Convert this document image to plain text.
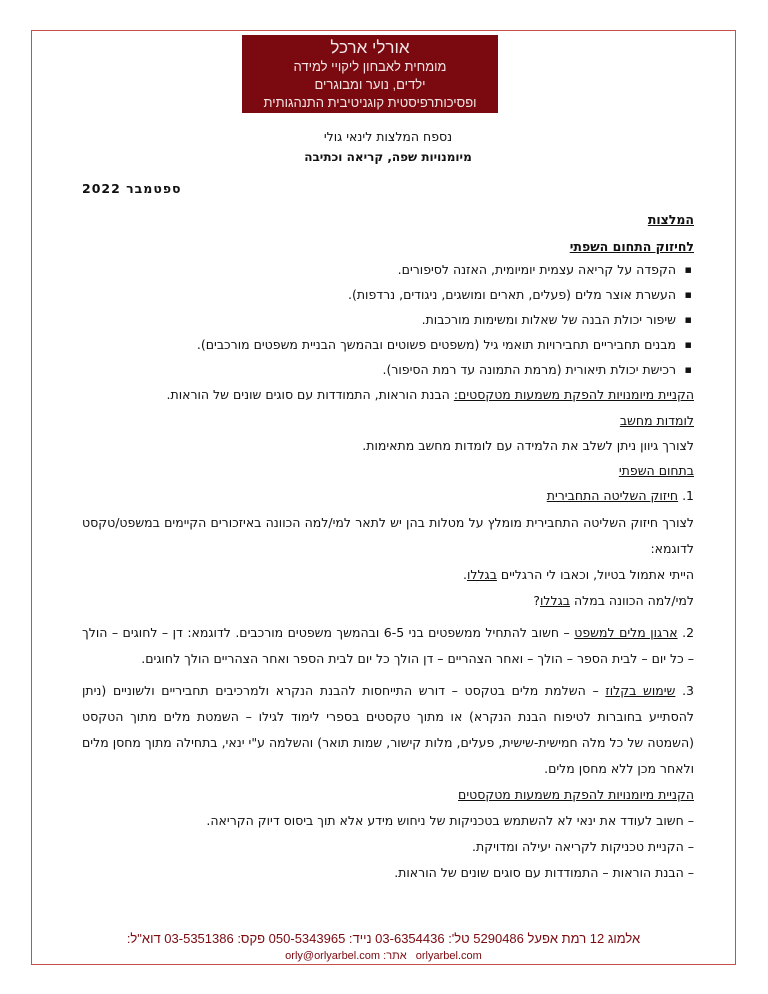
אורלי ארכל
מומחית לאבחון ליקויי למידה
ילדים, נוער ומבוגרים
ופסיכותרפיסטית קוגניטיבית התנהגותית

נספח המלצות לינאי גולי

מיומנויות שפה, קריאה וכתיבה

ספטמבר 2022

המלצות

לחיזוק התחום השפתי

▪ הקפדה על קריאה עצמית יומיומית, האזנה לסיפורים.
▪ העשרת אוצר מלים (פעלים, תארים ומושגים, ניגודים, נרדפות).
▪ שיפור יכולת הבנה של שאלות ומשימות מורכבות.
▪ מבנים תחביריים תחבירויות תואמי גיל (משפטים פשוטים ובהמשך הבניית משפטים מורכבים).
▪ רכישת יכולת תיאורית (מרמת התמונה עד רמת הסיפור).

הקניית מיומנויות להפקת משמעות מטקסטים: הבנת הוראות, התמודדות עם סוגים שונים של הוראות.

לומדות מחשב

לצורך גיוון ניתן לשלב את הלמידה עם לומדות מחשב מתאימות.

בתחום השפתי

1. חיזוק השליטה התחבירית

לצורך חיזוק השליטה התחבירית מומלץ על מטלות בהן יש לתאר למי/למה הכוונה באיזכורים הקיימים במשפט/טקסט לדוגמא:

הייתי אתמול בטיול, וכאבו לי הרגליים בגללו.

למי/למה הכוונה במלה בגללו?

2. ארגון מלים למשפט – חשוב להתחיל ממשפטים בני 6-5 ובהמשך משפטים מורכבים. לדוגמא: דן – לחוגים – הולך – כל יום – לבית הספר – הולך – ואחר הצהריים – דן הולך כל יום לבית הספר ואחר הצהריים הולך לחוגים.

3. שימוש בקלוז – השלמת מלים בטקסט – דורש התייחסות להבנת הנקרא ולמרכיבים תחביריים ולשוניים (ניתן להסתייע בחוברות לטיפוח הבנת הנקרא) או מתוך טקסטים בספרי לימוד לגילו – השמטת מלים מתוך הטקסט (השמטה של כל מלה חמישית-שישית, פעלים, מלות קישור, שמות תואר) והשלמה ע"י ינאי, בתחילה מתוך מחסן מלים ולאחר מכן ללא מחסן מלים.

הקניית מיומנויות להפקת משמעות מטקסטים

– חשוב לעודד את ינאי לא להשתמש בטכניקות של ניחוש מידע אלא תוך ביסוס דיוק הקריאה.

– הקניית טכניקות לקריאה יעילה ומדויקת.

– הבנת הוראות – התמודדות עם סוגים שונים של הוראות.

אלמוג 12 רמת אפעל 5290486 טל': 03-6354436 נייד: 050-5343965 פקס: 03-5351386 דוא"ל:
orlyarbel.com   אתר: orly@orlyarbel.com
